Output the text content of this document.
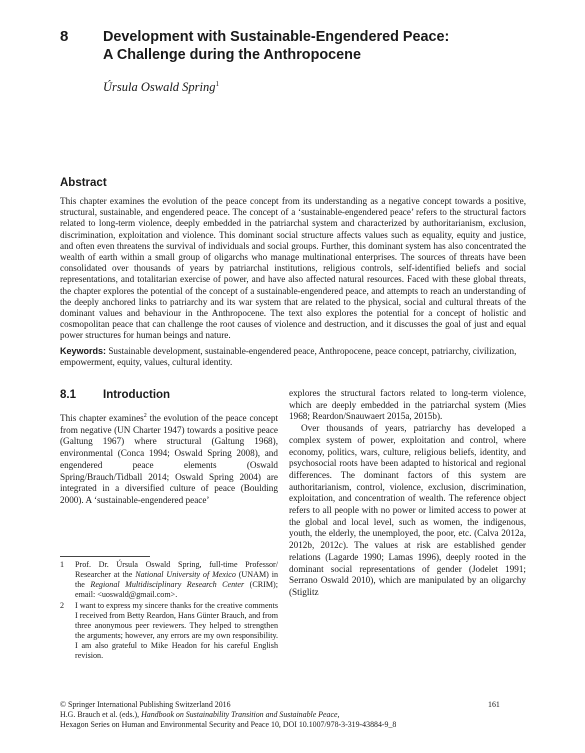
8 Development with Sustainable-Engendered Peace:
A Challenge during the Anthropocene
Úrsula Oswald Spring$^1$
Abstract
This chapter examines the evolution of the peace concept from its understanding as a negative concept towards a positive, structural, sustainable, and engendered peace. The concept of a ‘sustainable-engendered peace’ refers to the structural factors related to long-term violence, deeply embedded in the patriarchal system and characterized by authoritarianism, exclusion, discrimination, exploitation and violence. This dominant social structure affects values such as equality, equity and justice, and often even threatens the survival of individuals and social groups. Further, this dominant system has also concentrated the wealth of earth within a small group of oligarchs who manage multinational enterprises. The sources of threats have been consolidated over thousands of years by patriarchal institutions, religious controls, self-identified beliefs and social representations, and totalitarian exercise of power, and have also affected natural resources. Faced with these global threats, the chapter explores the potential of the concept of a sustainable-engendered peace, and attempts to reach an understanding of the deeply anchored links to patriarchy and its war system that are related to the physical, social and cultural threats of the dominant values and behaviour in the Anthropocene. The text also explores the potential for a concept of holistic and cosmopolitan peace that can challenge the root causes of violence and destruction, and it discusses the goal of just and equal power structures for human beings and nature.
Keywords: Sustainable development, sustainable-engendered peace, Anthropocene, peace concept, patriarchy, civilization, empowerment, equity, values, cultural identity.
8.1 Introduction
This chapter examines$^2$ the evolution of the peace concept from negative (UN Charter 1947) towards a positive peace (Galtung 1967) where structural (Galtung 1968), environmental (Conca 1994; Oswald Spring 2008), and engendered peace elements (Oswald Spring/Brauch/Tidball 2014; Oswald Spring 2004) are integrated in a diversified culture of peace (Boulding 2000). A ‘sustainable-engendered peace’
1	Prof. Dr. Úrsula Oswald Spring, full-time Professor/ Researcher at the National University of Mexico (UNAM) in the Regional Multidisciplinary Research Center (CRIM); email: <uoswald@gmail.com>.
2	I want to express my sincere thanks for the creative comments I received from Betty Reardon, Hans Günter Brauch, and from three anonymous peer reviewers. They helped to strengthen the arguments; however, any errors are my own responsibility. I am also grateful to Mike Headon for his careful English revision.

explores the structural factors related to long-term violence, which are deeply embedded in the patriarchal system (Mies 1968; Reardon/Snauwaert 2015a, 2015b).

Over thousands of years, patriarchy has developed a complex system of power, exploitation and control, where economy, politics, wars, culture, religious beliefs, identity, and psychosocial roots have been adapted to historical and regional differences. The dominant factors of this system are authoritarianism, control, violence, exclusion, discrimination, exploitation, and concentration of wealth. The reference object refers to all people with no power or limited access to power at the global and local level, such as women, the indigenous, youth, the elderly, the unemployed, the poor, etc. (Calva 2012a, 2012b, 2012c). The values at risk are established gender relations (Lagarde 1990; Lamas 1996), deeply rooted in the dominant social representations of gender (Jodelet 1991; Serrano Oswald 2010), which are manipulated by an oligarchy (Stiglitz

© Springer International Publishing Switzerland 2016
H.G. Brauch et al. (eds.), Handbook on Sustainability Transition and Sustainable Peace,
Hexagon Series on Human and Environmental Security and Peace 10, DOI 10.1007/978-3-319-43884-9_8
161
